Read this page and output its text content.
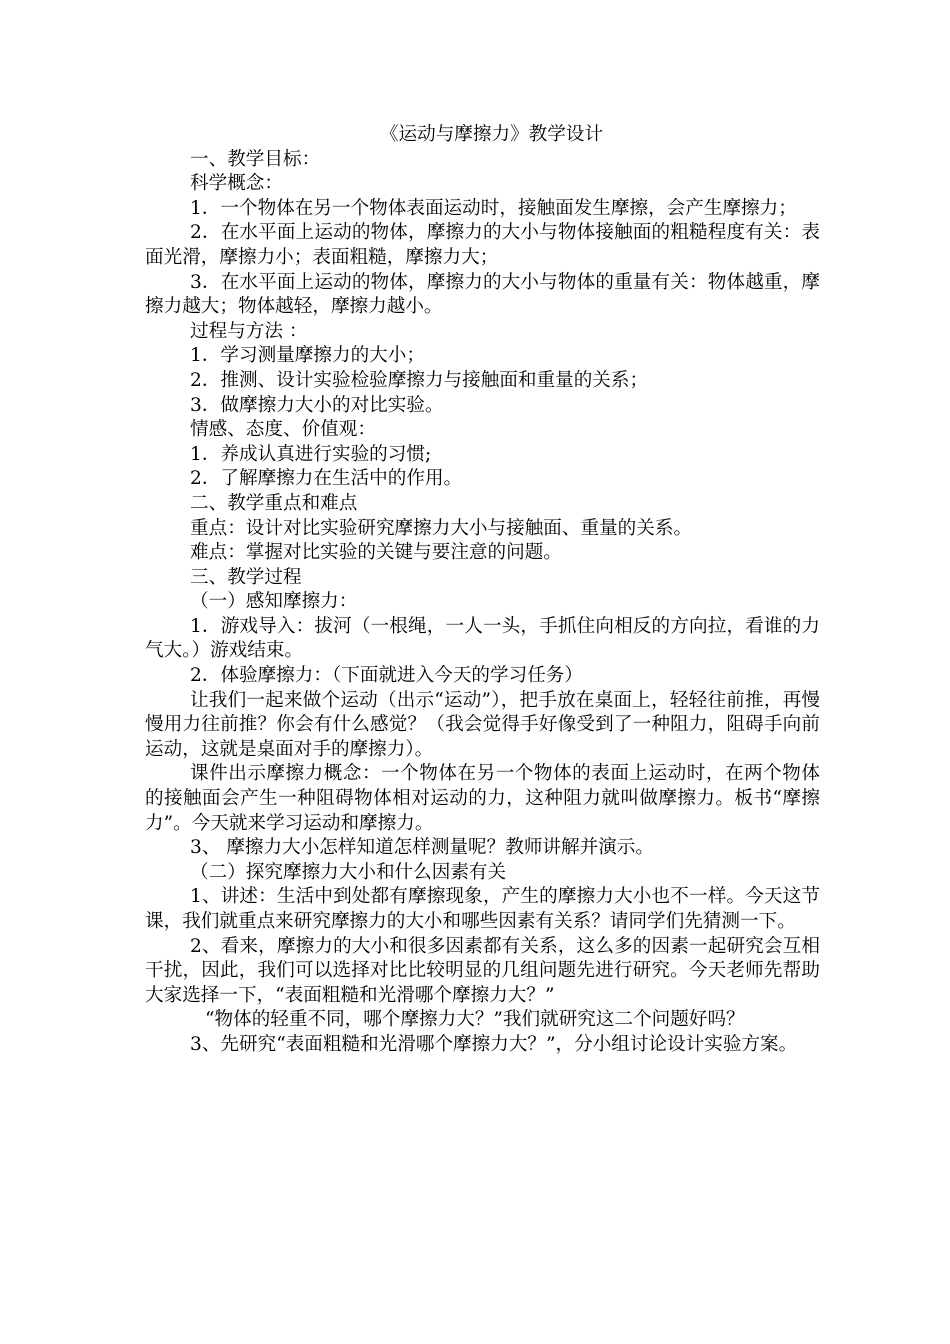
《运动与摩擦力》教学设计

一、教学目标：

科学概念：

1．一个物体在另一个物体表面运动时，接触面发生摩擦，会产生摩擦力；

2．在水平面上运动的物体，摩擦力的大小与物体接触面的粗糙程度有关：表面光滑，摩擦力小；表面粗糙，摩擦力大；

3．在水平面上运动的物体，摩擦力的大小与物体的重量有关：物体越重，摩擦力越大；物体越轻，摩擦力越小。

过程与方法 ：

1．学习测量摩擦力的大小；

2．推测、设计实验检验摩擦力与接触面和重量的关系；

3．做摩擦力大小的对比实验。

情感、态度、价值观：

1．养成认真进行实验的习惯;

2．了解摩擦力在生活中的作用。

二、教学重点和难点

重点：设计对比实验研究摩擦力大小与接触面、重量的关系。

难点：掌握对比实验的关键与要注意的问题。

三、教学过程

（一）感知摩擦力：

1．游戏导入：拔河（一根绳，一人一头，手抓住向相反的方向拉，看谁的力气大。）游戏结束。

2．体验摩擦力：（下面就进入今天的学习任务）

让我们一起来做个运动（出示“运动”），把手放在桌面上，轻轻往前推，再慢慢用力往前推？你会有什么感觉？（我会觉得手好像受到了一种阻力，阻碍手向前运动，这就是桌面对手的摩擦力）。

课件出示摩擦力概念：一个物体在另一个物体的表面上运动时，在两个物体的接触面会产生一种阻碍物体相对运动的力，这种阻力就叫做摩擦力。板书“摩擦力”。今天就来学习运动和摩擦力。

3、 摩擦力大小怎样知道怎样测量呢？教师讲解并演示。

（二）探究摩擦力大小和什么因素有关

1、讲述：生活中到处都有摩擦现象，产生的摩擦力大小也不一样。今天这节课，我们就重点来研究摩擦力的大小和哪些因素有关系？请同学们先猜测一下。

2、看来，摩擦力的大小和很多因素都有关系，这么多的因素一起研究会互相干扰，因此，我们可以选择对比比较明显的几组问题先进行研究。今天老师先帮助大家选择一下，“表面粗糙和光滑哪个摩擦力大？”

“物体的轻重不同，哪个摩擦力大？”我们就研究这二个问题好吗？

3、先研究“表面粗糙和光滑哪个摩擦力大？”，分小组讨论设计实验方案。
